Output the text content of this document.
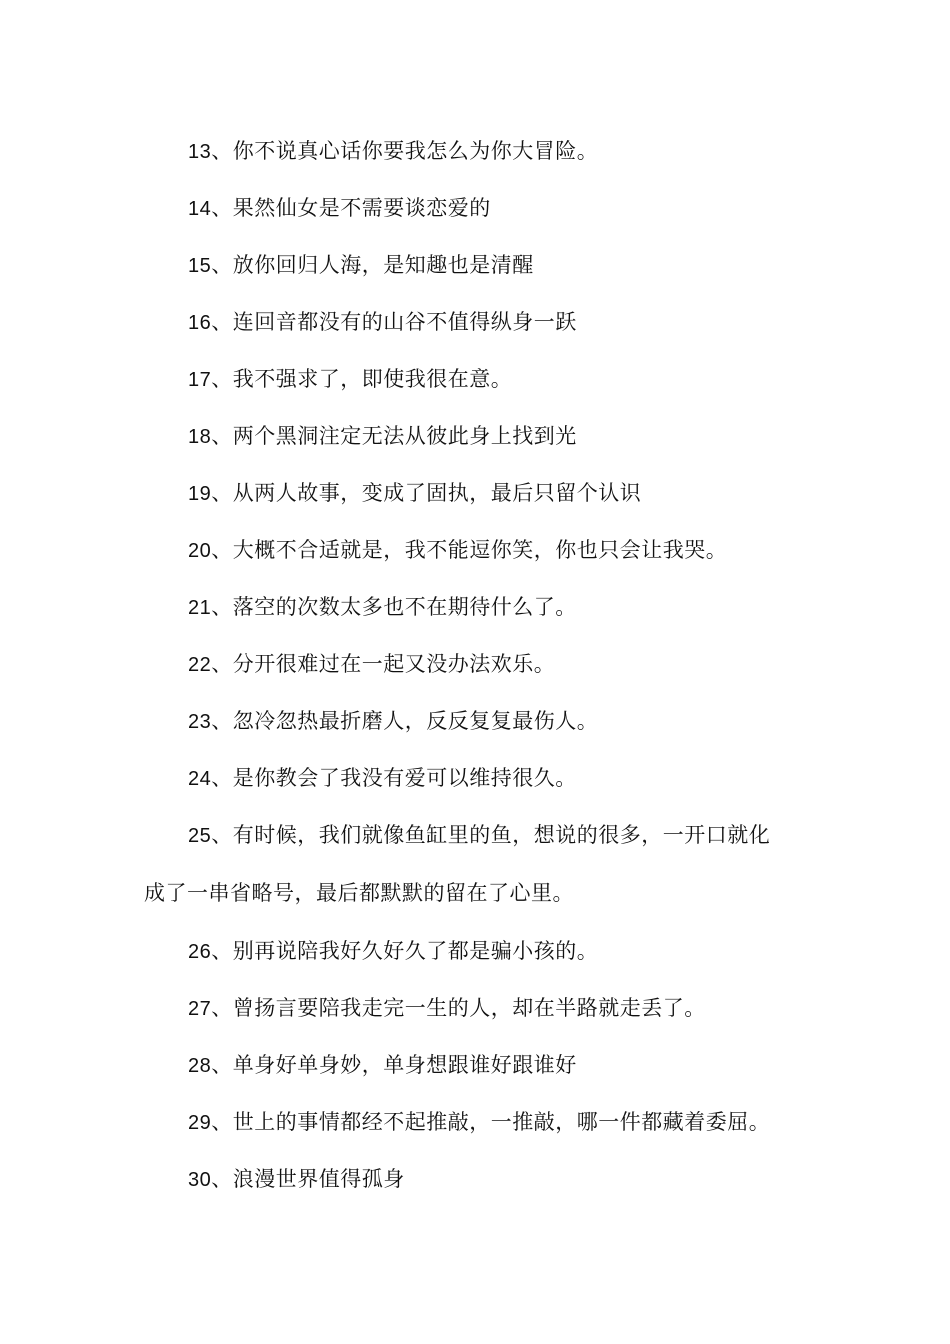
13、你不说真心话你要我怎么为你大冒险。
14、果然仙女是不需要谈恋爱的
15、放你回归人海，是知趣也是清醒
16、连回音都没有的山谷不值得纵身一跃
17、我不强求了，即使我很在意。
18、两个黑洞注定无法从彼此身上找到光
19、从两人故事，变成了固执，最后只留个认识
20、大概不合适就是，我不能逗你笑，你也只会让我哭。
21、落空的次数太多也不在期待什么了。
22、分开很难过在一起又没办法欢乐。
23、忽冷忽热最折磨人，反反复复最伤人。
24、是你教会了我没有爱可以维持很久。
25、有时候，我们就像鱼缸里的鱼，想说的很多，一开口就化
成了一串省略号，最后都默默的留在了心里。
26、别再说陪我好久好久了都是骗小孩的。
27、曾扬言要陪我走完一生的人，却在半路就走丢了。
28、单身好单身妙，单身想跟谁好跟谁好
29、世上的事情都经不起推敲，一推敲，哪一件都藏着委屈。
30、浪漫世界值得孤身
